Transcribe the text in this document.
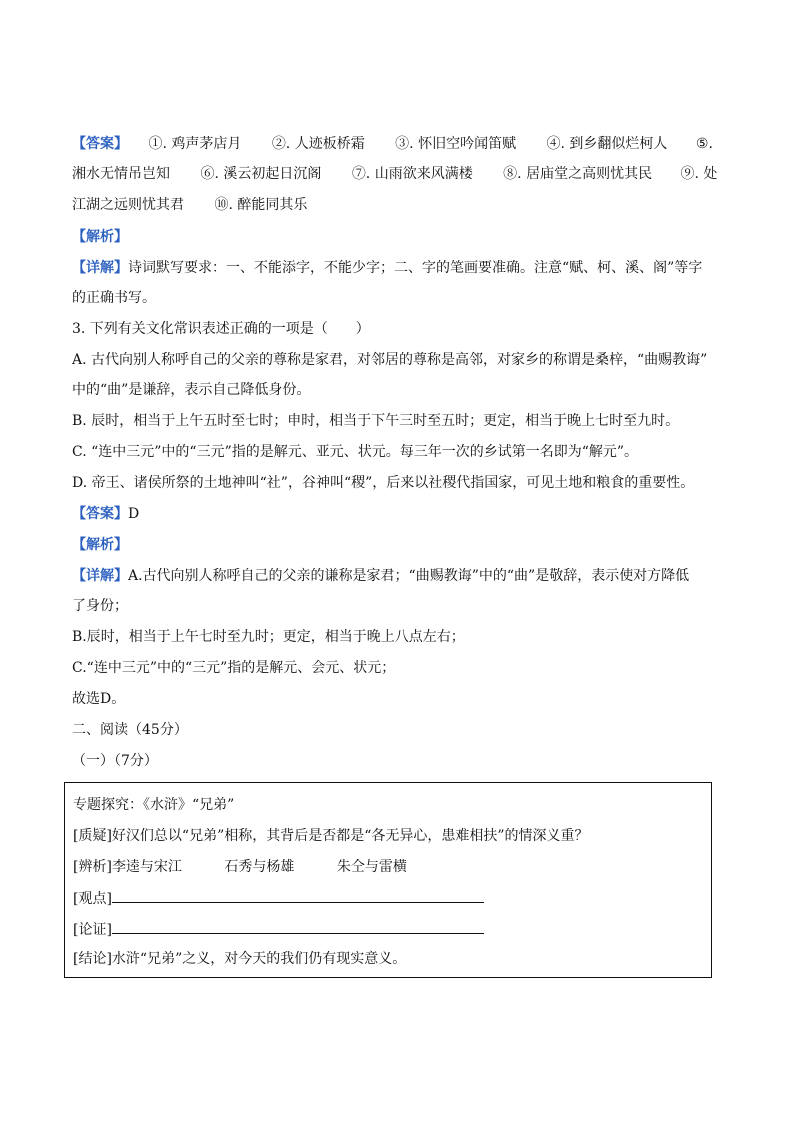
【答案】 ①. 鸡声茅店月 ②. 人迹板桥霜 ③. 怀旧空吟闻笛赋 ④. 到乡翻似烂柯人 ⑤.
湘水无情吊岂知 ⑥. 溪云初起日沉阁 ⑦. 山雨欲来风满楼 ⑧. 居庙堂之高则忧其民 ⑨. 处
江湖之远则忧其君 ⑩. 醉能同其乐
【解析】
【详解】诗词默写要求：一、不能添字，不能少字；二、字的笔画要准确。注意“赋、柯、溪、阁”等字
的正确书写。
3. 下列有关文化常识表述正确的一项是（　　）
A. 古代向别人称呼自己的父亲的尊称是家君，对邻居的尊称是高邻，对家乡的称谓是桑梓，“曲赐教诲”
中的“曲”是谦辞，表示自己降低身份。
B. 辰时，相当于上午五时至七时；申时，相当于下午三时至五时；更定，相当于晚上七时至九时。
C. “连中三元”中的“三元”指的是解元、亚元、状元。每三年一次的乡试第一名即为“解元”。
D. 帝王、诸侯所祭的土地神叫“社”，谷神叫“稷”，后来以社稷代指国家，可见土地和粮食的重要性。
【答案】D
【解析】
【详解】A.古代向别人称呼自己的父亲的谦称是家君；“曲赐教诲”中的“曲”是敬辞，表示使对方降低
了身份；
B.辰时，相当于上午七时至九时；更定，相当于晚上八点左右；
C.“连中三元”中的“三元”指的是解元、会元、状元；
故选D。
二、阅读（45分）
（一）（7分）
专题探究：《水浒》“兄弟”
[质疑]好汉们总以“兄弟”相称，其背后是否都是“各无异心，患难相扶”的情深义重？
[辨析]李逵与宋江	石秀与杨雄	朱仝与雷横
[观点]
[论证]
[结论]水浒“兄弟”之义，对今天的我们仍有现实意义。
